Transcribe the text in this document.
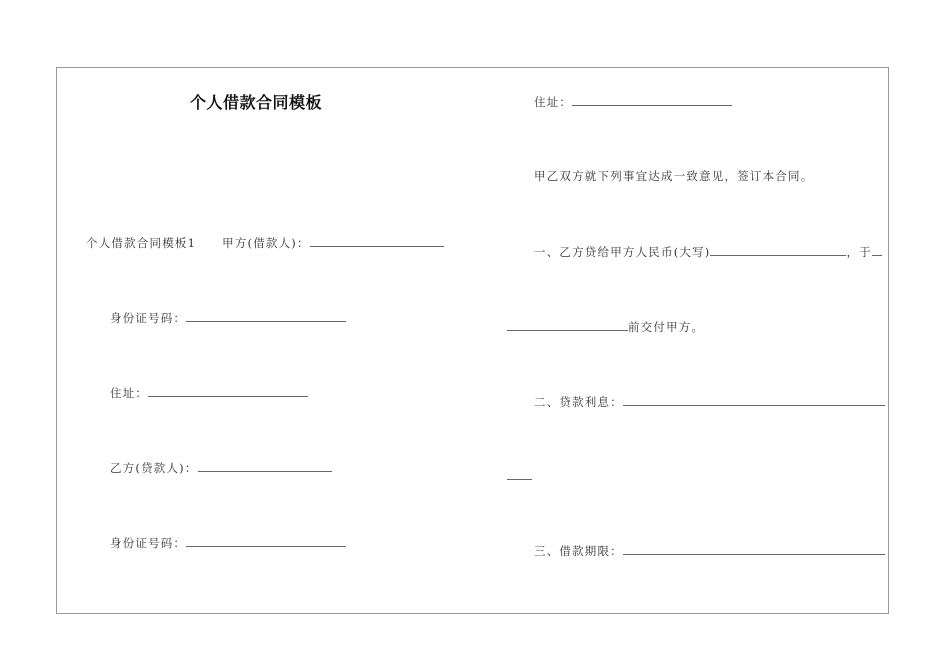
个人借款合同模板
个人借款合同模板1 甲方(借款人)：
身份证号码：
住址：
乙方(贷款人)：
身份证号码：
住址：
甲乙双方就下列事宜达成一致意见，签订本合同。
一、乙方贷给甲方人民币(大写)	，于
前交付甲方。
二、贷款利息：
三、借款期限：
